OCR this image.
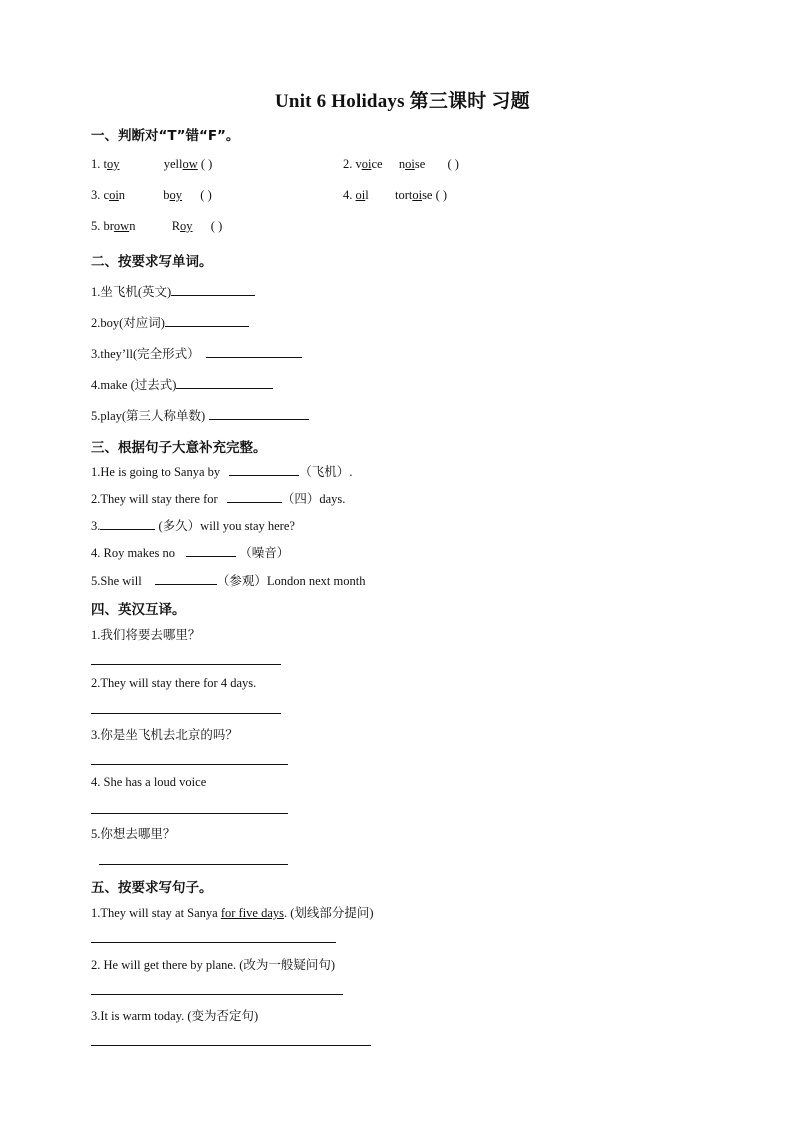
Unit 6 Holidays 第三课时 习题
一、判断对“T”错“F”。
1. toy	yellow ( )	2. voice noise ( )
3. coin	boy ( )	4. oil tortoise ( )
5. brown	Roy ( )
二、按要求写单词。
1.坐飞机(英文)
2.boy(对应词)
3.they’ll(完全形式）
4.make (过去式)
5.play(第三人称单数)
三、根据句子大意补充完整。
1.He is going to Sanya by	（飞机）.
2.They will stay there for	（四）days.
3.	(多久）will you stay here?
4. Roy makes no	（噪音）
5.She will	（参观）London next month
四、英汉互译。
1.我们将要去哪里？
2.They will stay there for 4 days.
3.你是坐飞机去北京的吗？
4. She has a loud voice
5.你想去哪里？
五、按要求写句子。
1.They will stay at Sanya for five days. (划线部分提问)
2. He will get there by plane. (改为一般疑问句)
3.It is warm today. (变为否定句)
